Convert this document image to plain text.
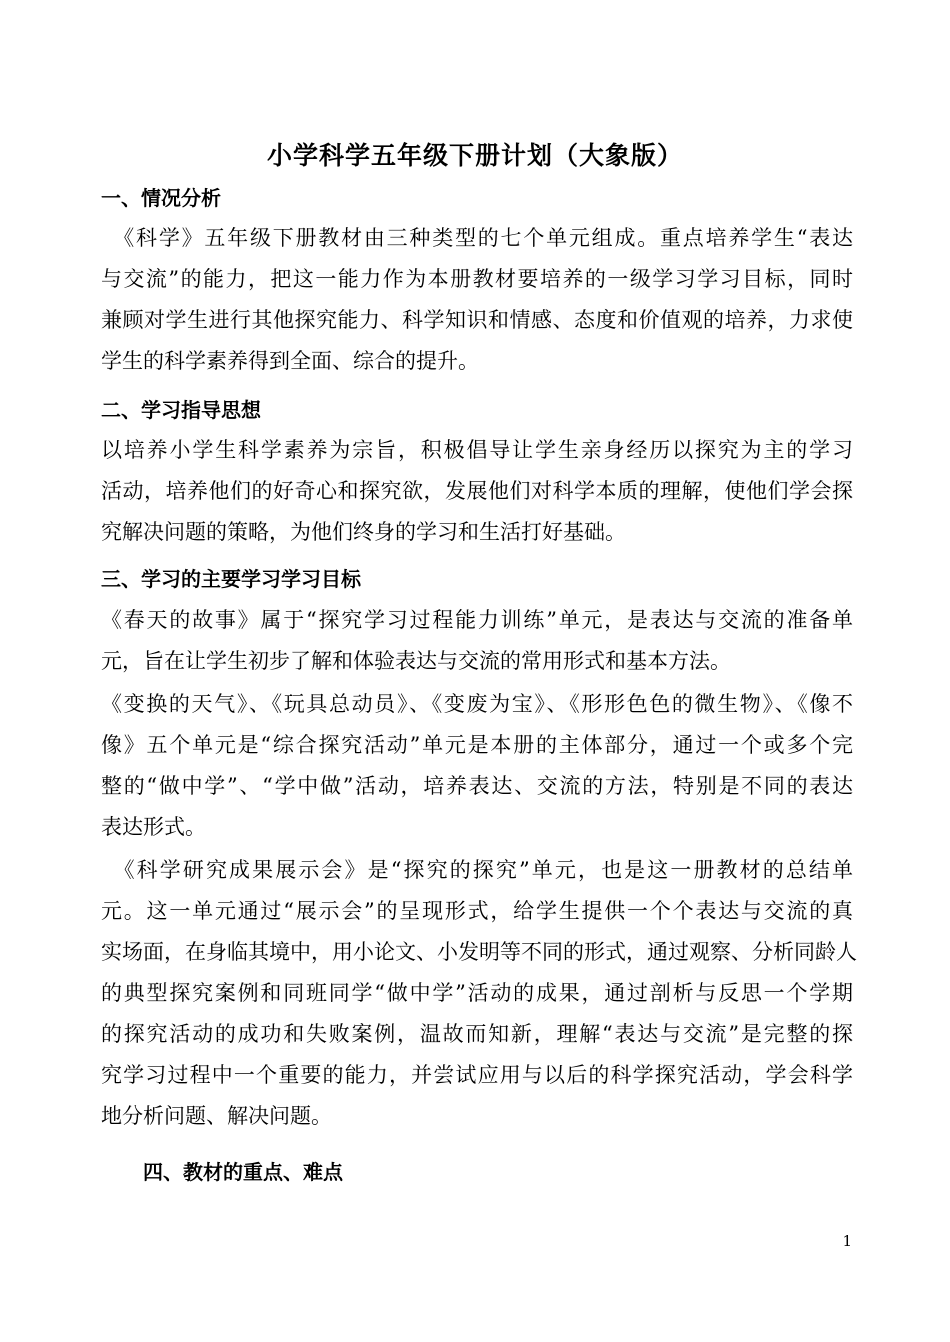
小学科学五年级下册计划（大象版）
一、情况分析
　《科学》五年级下册教材由三种类型的七个单元组成。重点培养学生“表达
与交流”的能力，把这一能力作为本册教材要培养的一级学习学习目标，同时
兼顾对学生进行其他探究能力、科学知识和情感、态度和价值观的培养，力求使
学生的科学素养得到全面、综合的提升。
二、学习指导思想
以培养小学生科学素养为宗旨，积极倡导让学生亲身经历以探究为主的学习
活动，培养他们的好奇心和探究欲，发展他们对科学本质的理解，使他们学会探
究解决问题的策略，为他们终身的学习和生活打好基础。
三、学习的主要学习学习目标
《春天的故事》属于“探究学习过程能力训练”单元，是表达与交流的准备单
元，旨在让学生初步了解和体验表达与交流的常用形式和基本方法。
《变换的天气》、《玩具总动员》、《变废为宝》、《形形色色的微生物》、《像不
像》五个单元是“综合探究活动”单元是本册的主体部分，通过一个或多个完
整的“做中学”、“学中做”活动，培养表达、交流的方法，特别是不同的表达
表达形式。
　《科学研究成果展示会》是“探究的探究”单元，也是这一册教材的总结单
元。这一单元通过“展示会”的呈现形式，给学生提供一个个表达与交流的真
实场面，在身临其境中，用小论文、小发明等不同的形式，通过观察、分析同龄人
的典型探究案例和同班同学“做中学”活动的成果，通过剖析与反思一个学期
的探究活动的成功和失败案例，温故而知新，理解“表达与交流”是完整的探
究学习过程中一个重要的能力，并尝试应用与以后的科学探究活动，学会科学
地分析问题、解决问题。
四、教材的重点、难点
1
